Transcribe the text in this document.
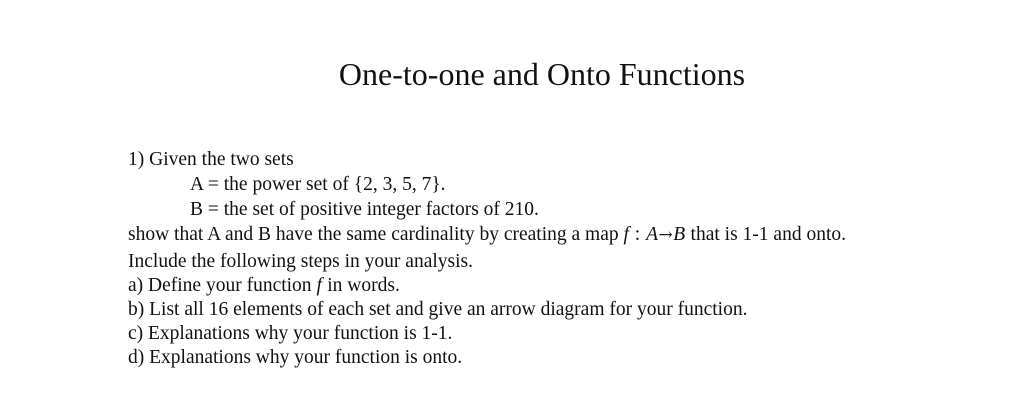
One-to-one and Onto Functions
1) Given the two sets
A = the power set of {2, 3, 5, 7}.
B = the set of positive integer factors of 210.
show that A and B have the same cardinality by creating a map f : A→B that is 1-1 and onto.
Include the following steps in your analysis.
a) Define your function f in words.
b) List all 16 elements of each set and give an arrow diagram for your function.
c) Explanations why your function is 1-1.
d) Explanations why your function is onto.
